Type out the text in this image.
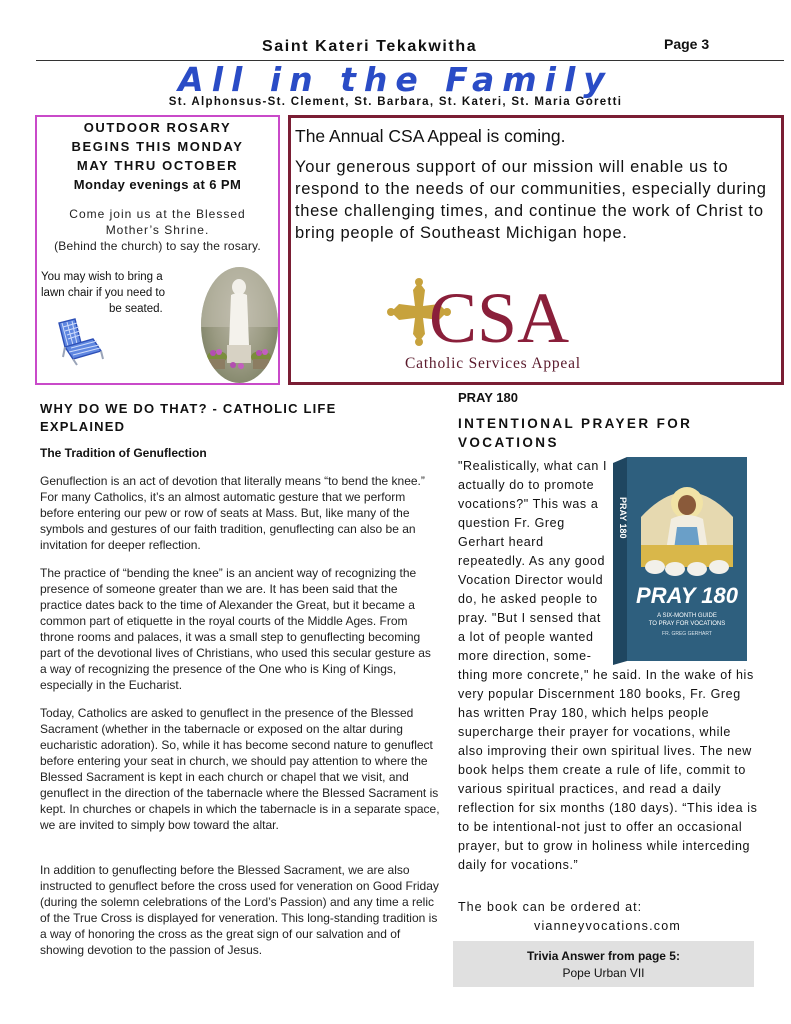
Saint Kateri Tekakwitha	Page 3
All in the Family
St. Alphonsus-St. Clement, St. Barbara, St. Kateri, St. Maria Goretti
OUTDOOR ROSARY
BEGINS THIS MONDAY
MAY THRU OCTOBER
Monday evenings at 6 PM
Come join us at the Blessed
Mother’s Shrine.
(Behind the church) to say the rosary.
You may wish to bring a
lawn chair if you need to
be seated.
The Annual CSA Appeal is coming.
Your generous support of our mission will enable us to respond to the needs of our communities, especially during these challenging times, and continue the work of Christ to bring people of Southeast Michigan hope.
CSA
Catholic Services Appeal
WHY DO WE DO THAT? - CATHOLIC LIFE EXPLAINED
The Tradition of Genuflection
Genuflection is an act of devotion that literally means “to bend the knee.” For many Catholics, it’s an almost automatic gesture that we perform before entering our pew or row of seats at Mass. But, like many of the symbols and gestures of our faith tradition, genuflecting can also be an invitation for deeper reflection.
The practice of “bending the knee” is an ancient way of recognizing the presence of someone greater than we are. It has been said that the practice dates back to the time of Alexander the Great, but it became a common part of etiquette in the royal courts of the Middle Ages. From throne rooms and palaces, it was a small step to genuflecting becoming part of the devotional lives of Christians, who used this secular gesture as a way of recognizing the presence of the One who is King of Kings, especially in the Eucharist.
Today, Catholics are asked to genuflect in the presence of the Blessed Sacrament (whether in the tabernacle or exposed on the altar during eucharistic adoration). So, while it has become second nature to genuflect before entering your seat in church, we should pay attention to where the Blessed Sacrament is kept in each church or chapel that we visit, and genuflect in the direction of the tabernacle where the Blessed Sacrament is kept. In churches or chapels in which the tabernacle is in a separate space, we are invited to simply bow toward the altar.
In addition to genuflecting before the Blessed Sacrament, we are also instructed to genuflect before the cross used for veneration on Good Friday (during the solemn celebrations of the Lord’s Passion) and any time a relic of the True Cross is displayed for veneration. This long-standing tradition is a way of honoring the cross as the great sign of our salvation and of showing devotion to the passion of Jesus.
PRAY 180
INTENTIONAL PRAYER FOR VOCATIONS
"Realistically, what can I actually do to promote vocations?" This was a question Fr. Greg Gerhart heard repeatedly. As any good Vocation Director would do, he asked people to pray. "But I sensed that a lot of people wanted more direction, some-
thing more concrete," he said. In the wake of his very popular Discernment 180 books, Fr. Greg has written Pray 180, which helps people supercharge their prayer for vocations, while also improving their own spiritual lives. The new book helps them create a rule of life, commit to various spiritual practices, and read a daily reflection for six months (180 days). “This idea is to be intentional-not just to offer an occasional prayer, but to grow in holiness while interceding daily for vocations.”
The book can be ordered at:
vianneyvocations.com
PRAY 180
PRAY 180
A SIX-MONTH GUIDE
TO PRAY FOR VOCATIONS
FR. GREG GERHART
Trivia Answer from page 5:
Pope Urban VII
